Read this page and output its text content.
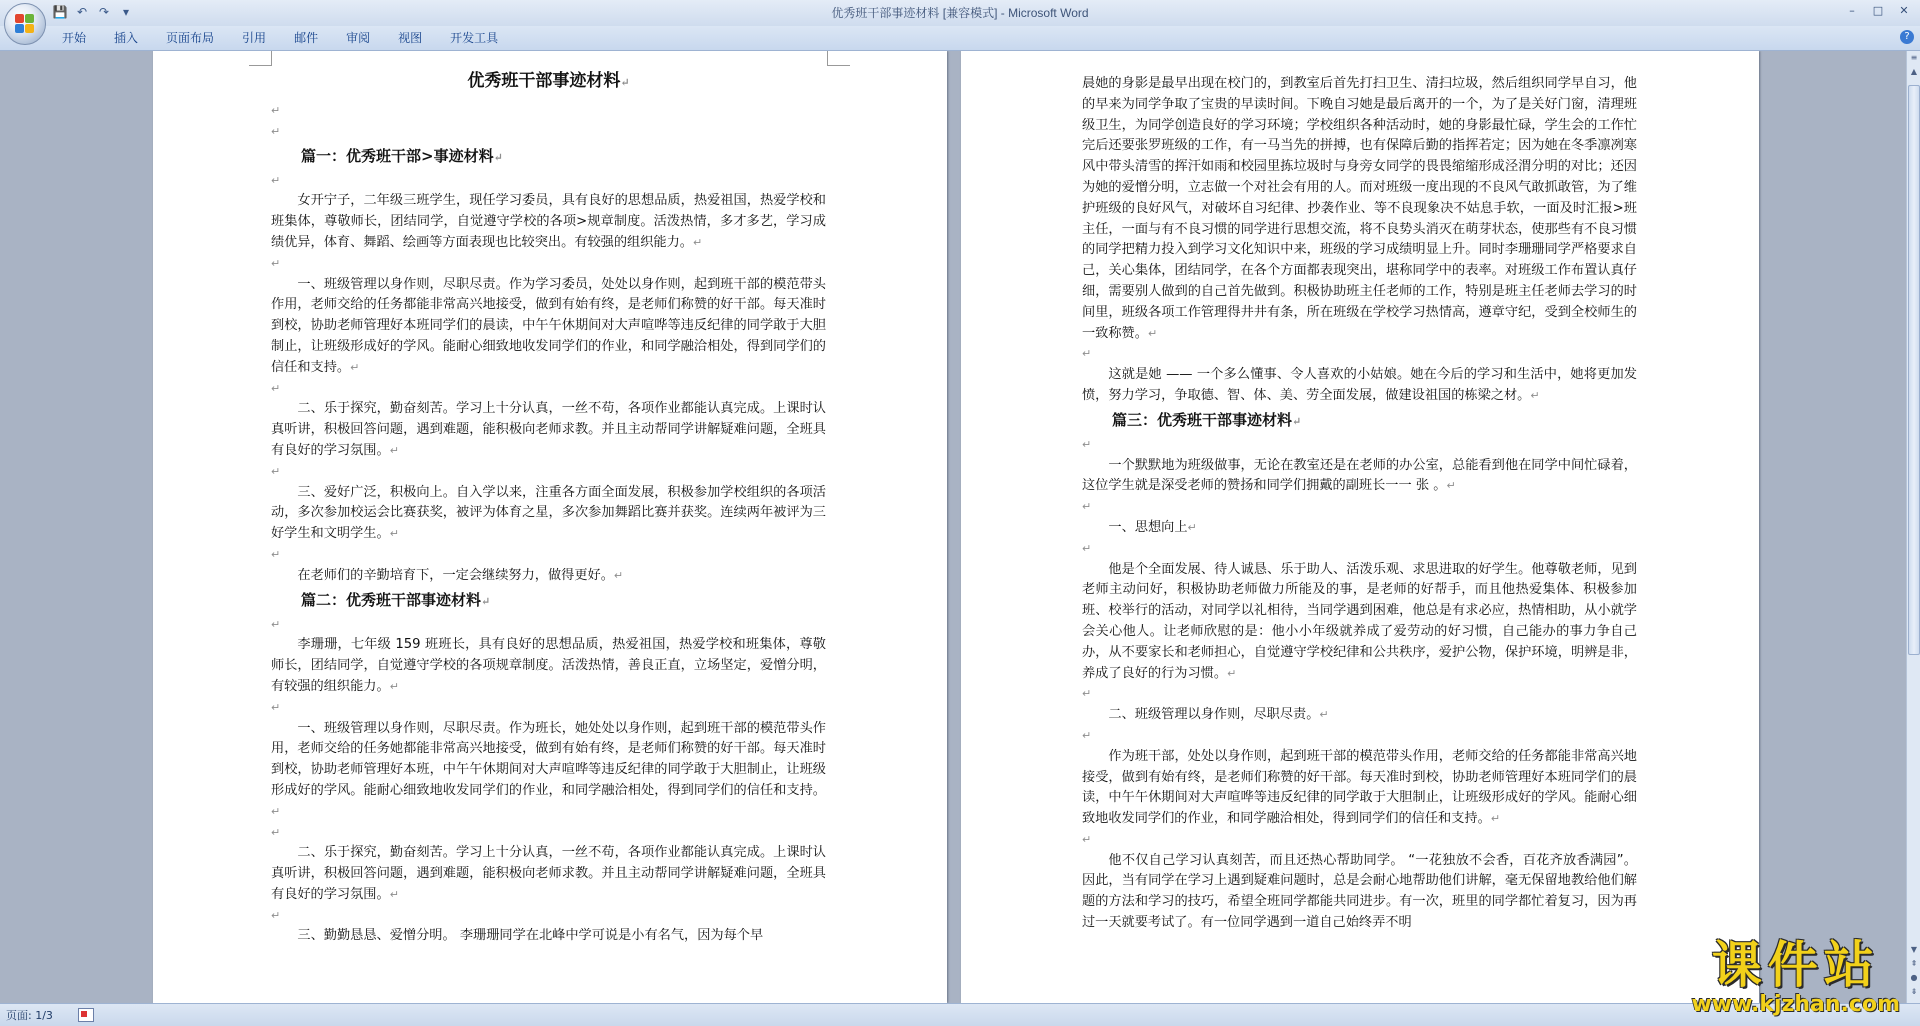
💾 ↶ ↷	▾	优秀班干部事迹材料 [兼容模式] - Microsoft Word	–	□	✕
开始	插入	页面布局	引用	邮件	审阅	视图	开发工具	?

优秀班干部事迹材料↵

↵

↵

篇一：优秀班干部>事迹材料↵

↵

女开宁子，二年级三班学生，现任学习委员，具有良好的思想品质，热爱祖国，热爱学校和班集体，尊敬师长，团结同学，自觉遵守学校的各项>规章制度。活泼热情，多才多艺，学习成绩优异，体育、舞蹈、绘画等方面表现也比较突出。有较强的组织能力。↵

↵

一、班级管理以身作则，尽职尽责。作为学习委员，处处以身作则，起到班干部的模范带头作用，老师交给的任务都能非常高兴地接受，做到有始有终，是老师们称赞的好干部。每天准时到校，协助老师管理好本班同学们的晨读，中午午休期间对大声喧哗等违反纪律的同学敢于大胆制止，让班级形成好的学风。能耐心细致地收发同学们的作业，和同学融洽相处，得到同学们的信任和支持。↵

↵

二、乐于探究，勤奋刻苦。学习上十分认真，一丝不苟，各项作业都能认真完成。上课时认真听讲，积极回答问题，遇到难题，能积极向老师求教。并且主动帮同学讲解疑难问题，全班具有良好的学习氛围。↵

↵

三、爱好广泛，积极向上。自入学以来，注重各方面全面发展，积极参加学校组织的各项活动，多次参加校运会比赛获奖，被评为体育之星，多次参加舞蹈比赛并获奖。连续两年被评为三好学生和文明学生。↵

↵

在老师们的辛勤培育下，一定会继续努力，做得更好。↵

篇二：优秀班干部事迹材料↵

↵

李珊珊，七年级 159 班班长，具有良好的思想品质，热爱祖国，热爱学校和班集体，尊敬师长，团结同学，自觉遵守学校的各项规章制度。活泼热情，善良正直，立场坚定，爱憎分明，有较强的组织能力。↵

↵

一、班级管理以身作则，尽职尽责。作为班长，她处处以身作则，起到班干部的模范带头作用，老师交给的任务她都能非常高兴地接受，做到有始有终，是老师们称赞的好干部。每天准时到校，协助老师管理好本班，中午午休期间对大声喧哗等违反纪律的同学敢于大胆制止，让班级形成好的学风。能耐心细致地收发同学们的作业，和同学融洽相处，得到同学们的信任和支持。↵

↵

二、乐于探究，勤奋刻苦。学习上十分认真，一丝不苟，各项作业都能认真完成。上课时认真听讲，积极回答问题，遇到难题，能积极向老师求教。并且主动帮同学讲解疑难问题，全班具有良好的学习氛围。↵

↵

三、勤勤恳恳、爱憎分明。 李珊珊同学在北峰中学可说是小有名气，因为每个早

晨她的身影是最早出现在校门的，到教室后首先打扫卫生、清扫垃圾，然后组织同学早自习，他的早来为同学争取了宝贵的早读时间。下晚自习她是最后离开的一个，为了是关好门窗，清理班级卫生，为同学创造良好的学习环境；学校组织各种活动时，她的身影最忙碌，学生会的工作忙完后还要张罗班级的工作，有一马当先的拼搏，也有保障后勤的指挥若定；因为她在冬季凛冽寒风中带头清雪的挥汗如雨和校园里拣垃圾时与身旁女同学的畏畏缩缩形成泾渭分明的对比；还因为她的爱憎分明，立志做一个对社会有用的人。而对班级一度出现的不良风气敢抓敢管，为了维护班级的良好风气，对破坏自习纪律、抄袭作业、等不良现象决不姑息手软，一面及时汇报>班主任，一面与有不良习惯的同学进行思想交流，将不良势头消灭在萌芽状态，使那些有不良习惯的同学把精力投入到学习文化知识中来，班级的学习成绩明显上升。同时李珊珊同学严格要求自己，关心集体，团结同学，在各个方面都表现突出，堪称同学中的表率。对班级工作布置认真仔细，需要别人做到的自己首先做到。积极协助班主任老师的工作，特别是班主任老师去学习的时间里，班级各项工作管理得井井有条，所在班级在学校学习热情高，遵章守纪，受到全校师生的一致称赞。↵

↵

这就是她 —— 一个多么懂事、令人喜欢的小姑娘。她在今后的学习和生活中，她将更加发愤，努力学习，争取德、智、体、美、劳全面发展，做建设祖国的栋梁之材。↵

篇三：优秀班干部事迹材料↵

↵

一个默默地为班级做事，无论在教室还是在老师的办公室，总能看到他在同学中间忙碌着，这位学生就是深受老师的赞扬和同学们拥戴的副班长一一 张 。↵

↵

一、思想向上↵

↵

他是个全面发展、待人诚恳、乐于助人、活泼乐观、求思进取的好学生。他尊敬老师，见到老师主动问好，积极协助老师做力所能及的事，是老师的好帮手，而且他热爱集体、积极参加班、校举行的活动，对同学以礼相待，当同学遇到困难，他总是有求必应，热情相助，从小就学会关心他人。让老师欣慰的是：他小小年级就养成了爱劳动的好习惯，自己能办的事力争自己办，从不要家长和老师担心，自觉遵守学校纪律和公共秩序，爱护公物，保护环境，明辨是非，养成了良好的行为习惯。↵

↵

二、班级管理以身作则，尽职尽责。↵

↵

作为班干部，处处以身作则，起到班干部的模范带头作用，老师交给的任务都能非常高兴地接受，做到有始有终，是老师们称赞的好干部。每天准时到校，协助老师管理好本班同学们的晨读，中午午休期间对大声喧哗等违反纪律的同学敢于大胆制止，让班级形成好的学风。能耐心细致地收发同学们的作业，和同学融洽相处，得到同学们的信任和支持。↵

↵

他不仅自己学习认真刻苦，而且还热心帮助同学。 “一花独放不会香，百花齐放香满园”。因此，当有同学在学习上遇到疑难问题时，总是会耐心地帮助他们讲解，毫无保留地教给他们解题的方法和学习的技巧，希望全班同学都能共同进步。有一次，班里的同学都忙着复习，因为再过一天就要考试了。有一位同学遇到一道自己始终弄不明

≡
▲
▼
⇞
●
⇟
页面: 1/3
课件站
www.kjzhan.com
